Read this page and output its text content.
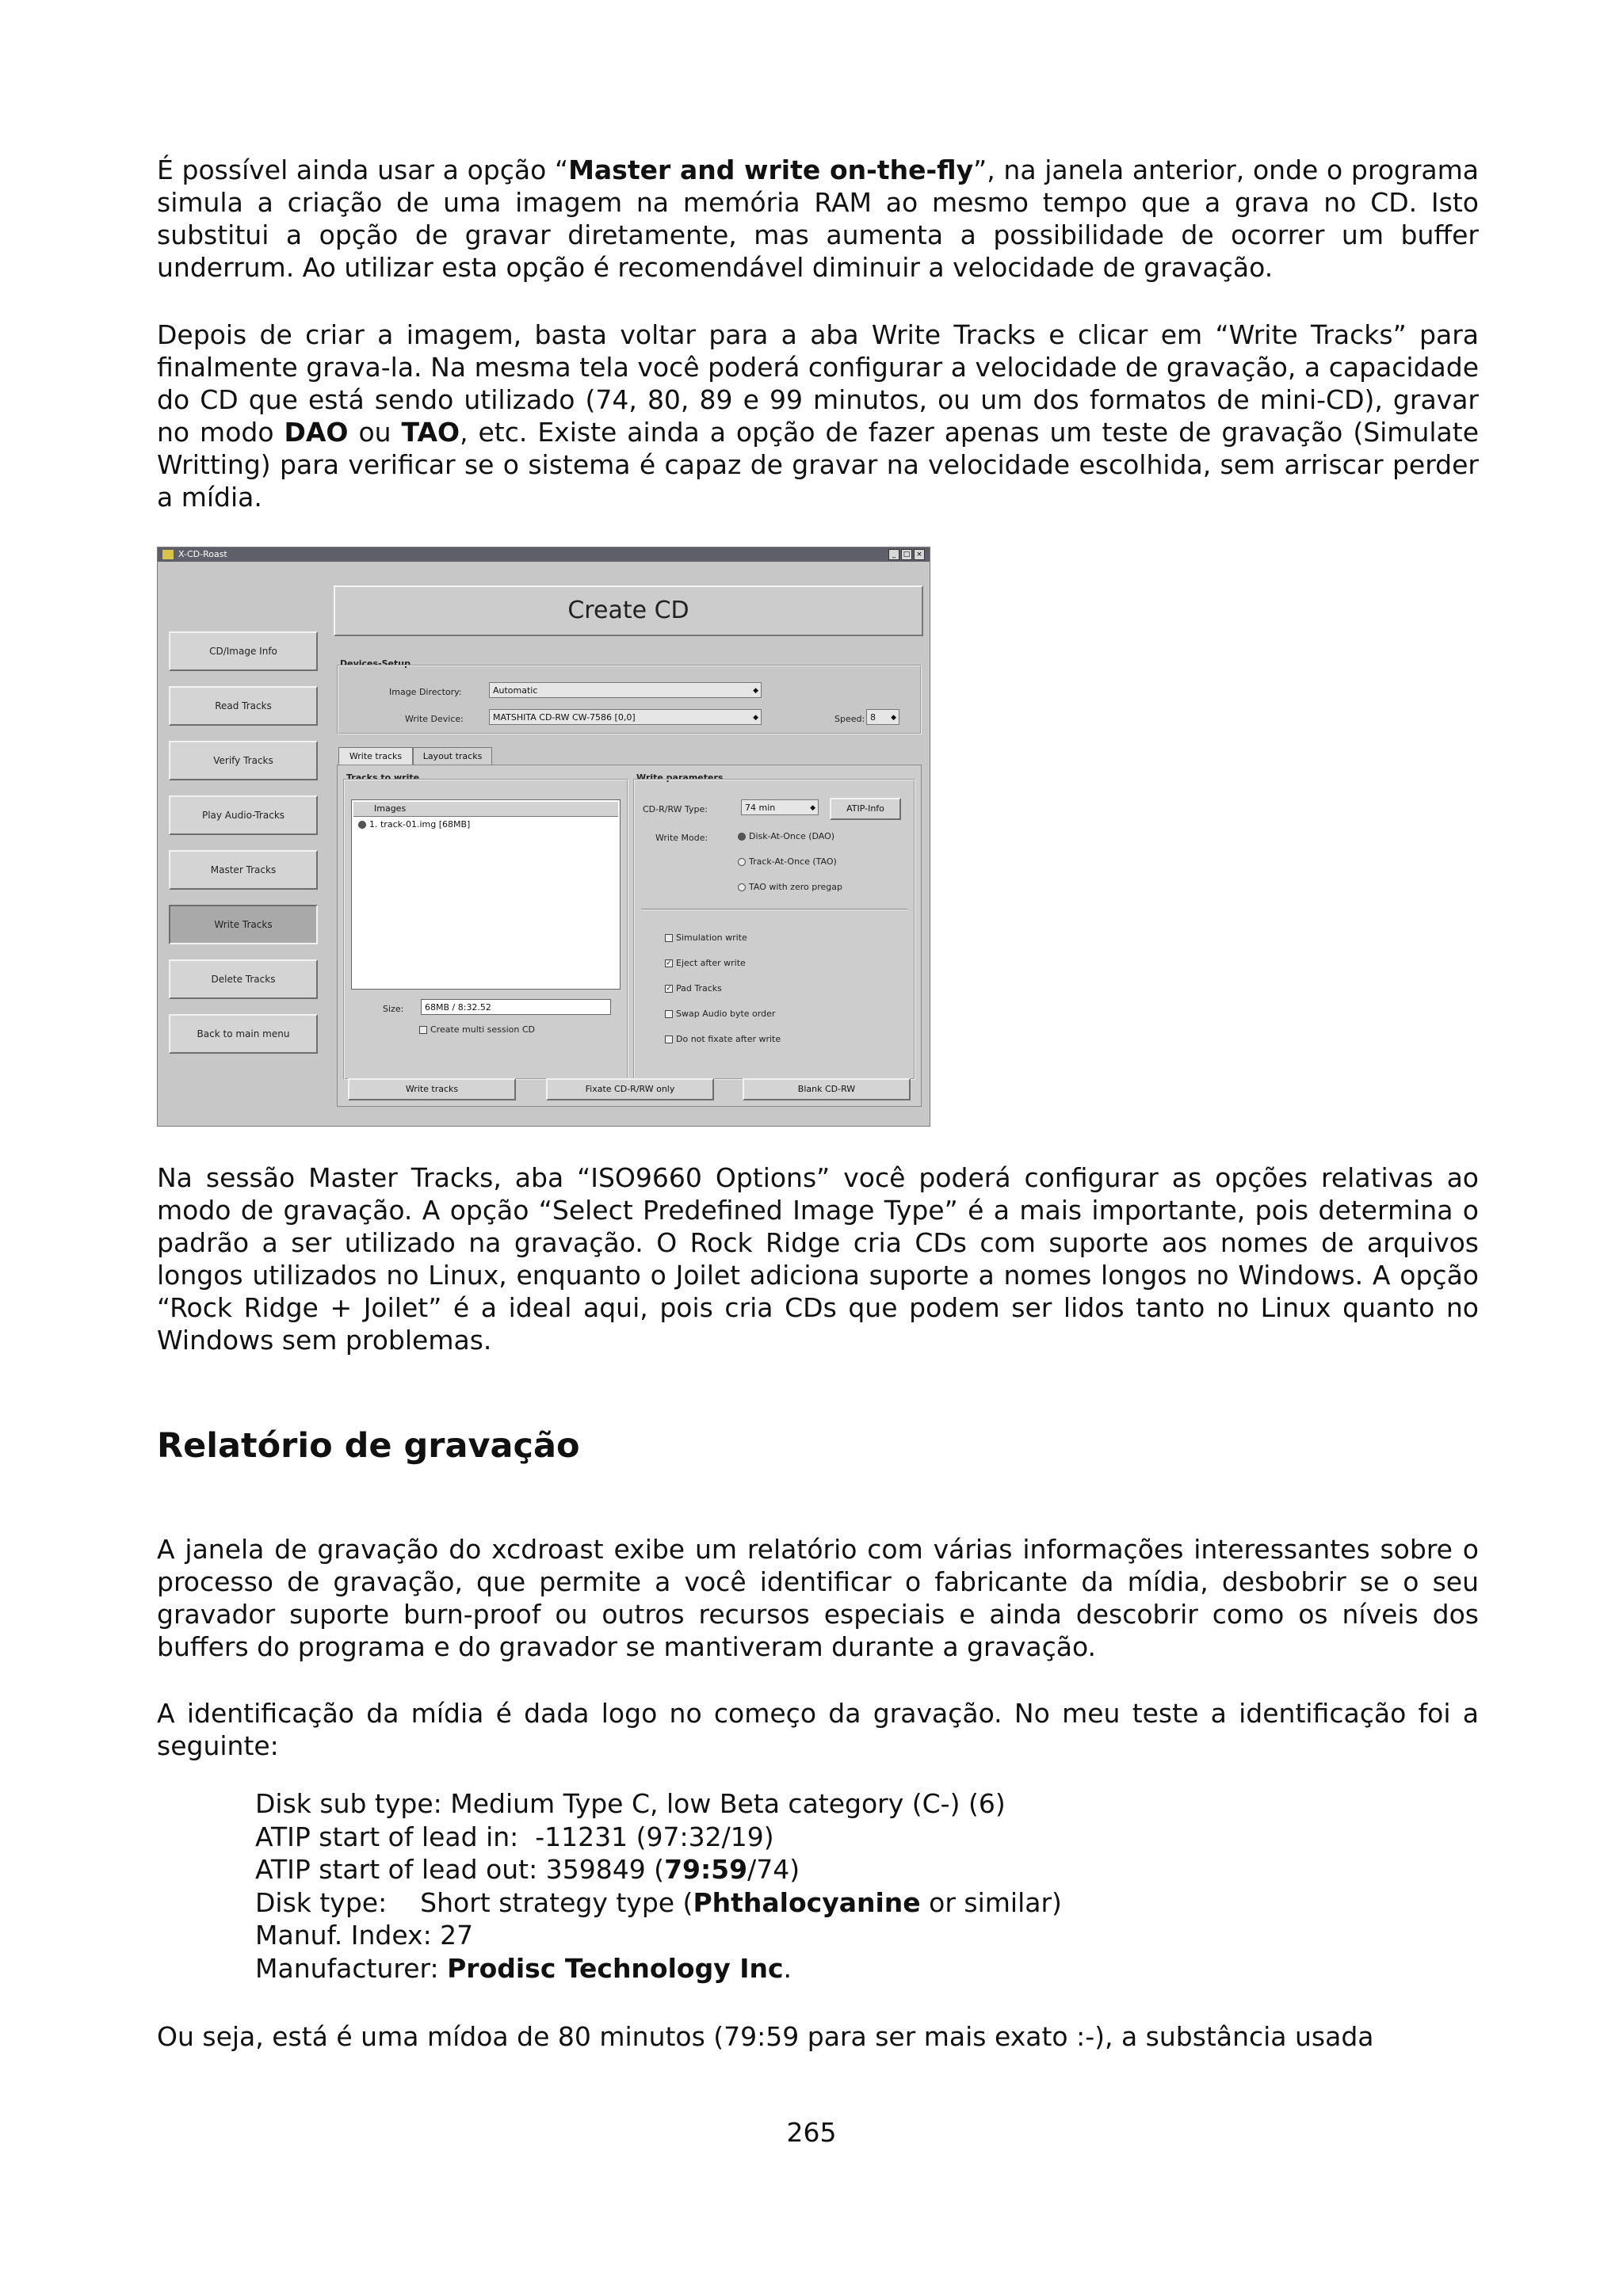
É possível ainda usar a opção “Master and write on-the-fly”, na janela anterior, onde o programa simula a criação de uma imagem na memória RAM ao mesmo tempo que a grava no CD. Isto substitui a opção de gravar diretamente, mas aumenta a possibilidade de ocorrer um buffer underrum. Ao utilizar esta opção é recomendável diminuir a velocidade de gravação.

Depois de criar a imagem, basta voltar para a aba Write Tracks e clicar em “Write Tracks” para finalmente grava-la. Na mesma tela você poderá configurar a velocidade de gravação, a capacidade do CD que está sendo utilizado (74, 80, 89 e 99 minutos, ou um dos formatos de mini-CD), gravar no modo DAO ou TAO, etc. Existe ainda a opção de fazer apenas um teste de gravação (Simulate Writting) para verificar se o sistema é capaz de gravar na velocidade escolhida, sem arriscar perder a mídia.

X-CD-Roast	_	□ ×
CD/Image Info
Read Tracks
Verify Tracks
Play Audio-Tracks
Master Tracks
Write Tracks
Delete Tracks
Back to main menu
Create CD
Devices-Setup
Image Directory:	Automatic	◆
Write Device:	MATSHITA CD-RW CW-7586 [0,0]	◆	Speed: 8 ◆
Write tracks	Layout tracks
Tracks to write
Images
1. track-01.img [68MB]
Size:	68MB / 8:32.52
Create multi session CD
Write parameters
CD-R/RW Type:	74 min	◆	ATIP-Info
Write Mode:	Disk-At-Once (DAO)
Track-At-Once (TAO)
TAO with zero pregap
Simulation write
✓ Eject after write
✓ Pad Tracks
Swap Audio byte order
Do not fixate after write
Write tracks	Fixate CD-R/RW only	Blank CD-RW

Na sessão Master Tracks, aba “ISO9660 Options” você poderá configurar as opções relativas ao modo de gravação. A opção “Select Predefined Image Type” é a mais importante, pois determina o padrão a ser utilizado na gravação. O Rock Ridge cria CDs com suporte aos nomes de arquivos longos utilizados no Linux, enquanto o Joilet adiciona suporte a nomes longos no Windows. A opção “Rock Ridge + Joilet” é a ideal aqui, pois cria CDs que podem ser lidos tanto no Linux quanto no Windows sem problemas.

Relatório de gravação

A janela de gravação do xcdroast exibe um relatório com várias informações interessantes sobre o processo de gravação, que permite a você identificar o fabricante da mídia, desbobrir se o seu gravador suporte burn-proof ou outros recursos especiais e ainda descobrir como os níveis dos buffers do programa e do gravador se mantiveram durante a gravação.

A identificação da mídia é dada logo no começo da gravação. No meu teste a identificação foi a seguinte:

Disk sub type: Medium Type C, low Beta category (C-) (6)
ATIP start of lead in:  -11231 (97:32/19)
ATIP start of lead out: 359849 (79:59/74)
Disk type:    Short strategy type (Phthalocyanine or similar)
Manuf. Index: 27
Manufacturer: Prodisc Technology Inc.

Ou seja, está é uma mídoa de 80 minutos (79:59 para ser mais exato :-), a substância usada

265
